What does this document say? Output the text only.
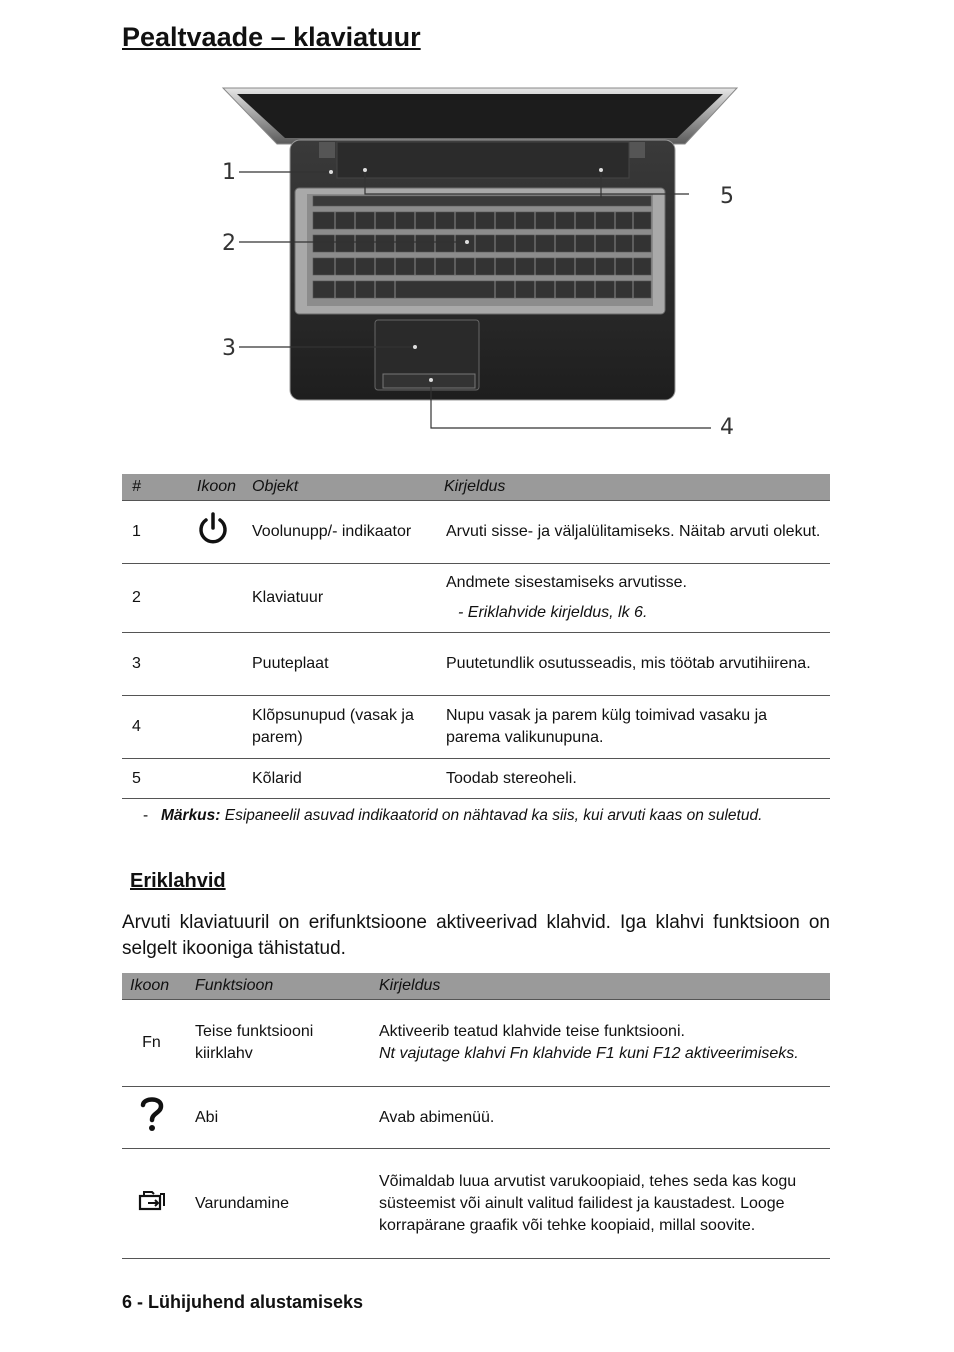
Pealtvaade – klaviatuur
1
2
3
4
5
#	Ikoon	Objekt	Kirjeldus
1		Voolunupp/- indikaator	Arvuti sisse- ja väljalülitamiseks. Näitab arvuti olekut.
2		Klaviatuur	Andmete sisestamiseks arvutisse.
- Eriklahvide kirjeldus, lk 6.

3		Puuteplaat	Puutetundlik osutusseadis, mis töötab arvutihiirena.
4		Klõpsunupud (vasak ja parem)	Nupu vasak ja parem külg toimivad vasaku ja parema valikunupuna.
5		Kõlarid	Toodab stereoheli.
- Märkus: Esipaneelil asuvad indikaatorid on nähtavad ka siis, kui arvuti kaas on suletud.
Eriklahvid

Arvuti klaviatuuril on erifunktsioone aktiveerivad klahvid. Iga klahvi funktsioon on selgelt ikooniga tähistatud.

Ikoon	Funktsioon	Kirjeldus
Fn	Teise funktsiooni kiirklahv	Aktiveerib teatud klahvide teise funktsiooni.
Nt vajutage klahvi Fn klahvide F1 kuni F12 aktiveerimiseks.

	Abi	Avab abimenüü.
	Varundamine	Võimaldab luua arvutist varukoopiaid, tehes seda kas kogu süsteemist või ainult valitud failidest ja kaustadest. Looge korrapärane graafik või tehke koopiaid, millal soovite.

6 - Lühijuhend alustamiseks
